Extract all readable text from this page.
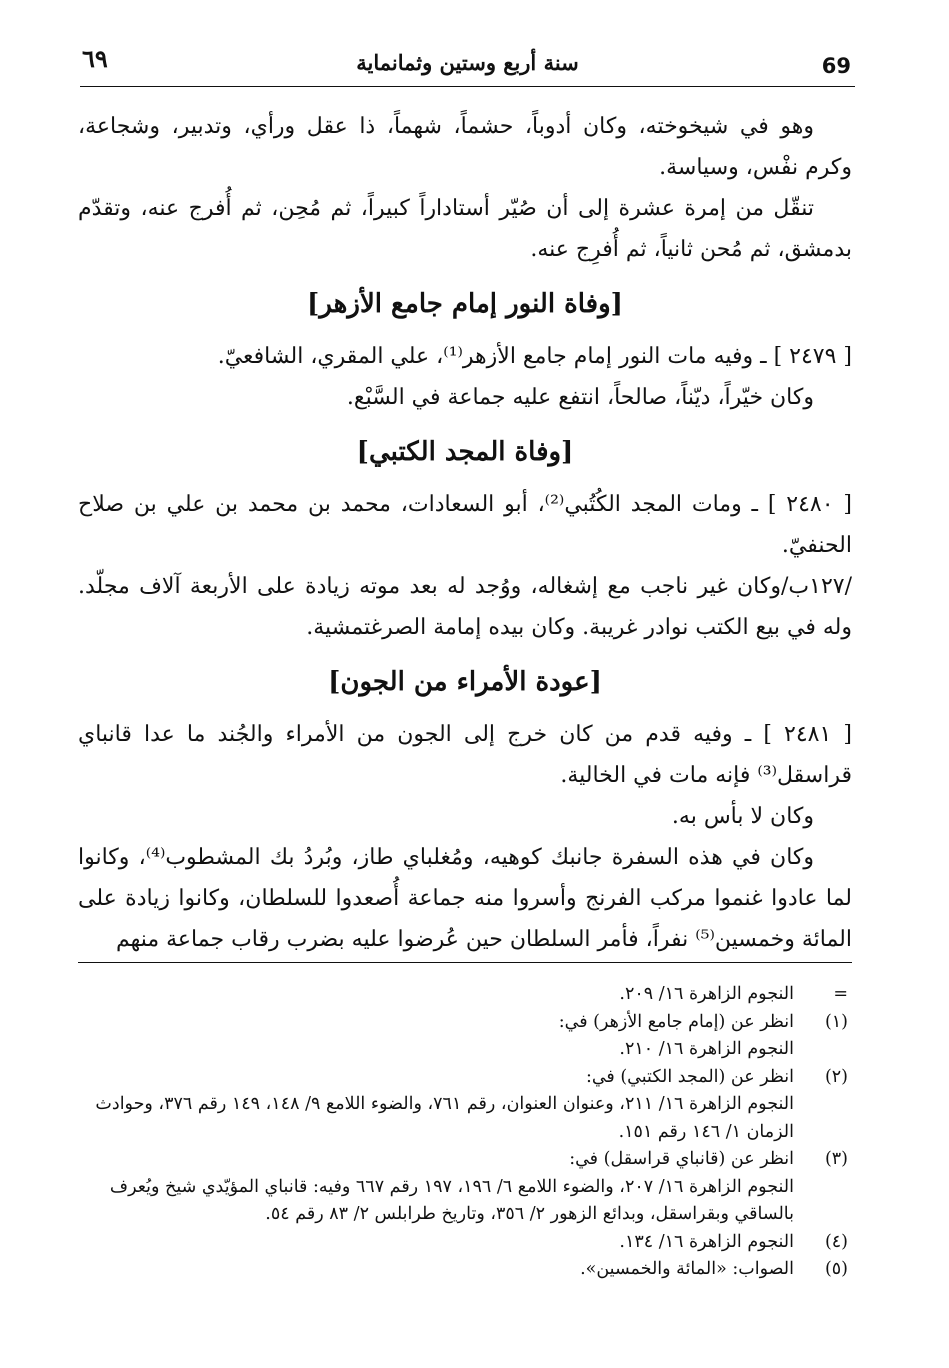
٦٩	سنة أربع وستين وثمانماية	69

وهو في شيخوخته، وكان أدوباً، حشماً، شهماً، ذا عقل ورأي، وتدبير، وشجاعة، وكرم نفْس، وسياسة.

تنقّل من إمرة عشرة إلى أن صُيّر أستاداراً كبيراً، ثم مُحِن، ثم أُفرج عنه، وتقدّم بدمشق، ثم مُحن ثانياً، ثم أُفرِج عنه.

[وفاة النور إمام جامع الأزهر]

[ ٢٤٧٩ ] ـ وفيه مات النور إمام جامع الأزهر⁽¹⁾، علي المقري، الشافعيّ.

وكان خيّراً، ديّناً، صالحاً، انتفع عليه جماعة في السَّبْع.

[وفاة المجد الكتبي]

[ ٢٤٨٠ ] ـ ومات المجد الكُتُبي⁽²⁾، أبو السعادات، محمد بن محمد بن علي بن صلاح الحنفيّ.

/١٢٧ب/وكان غير ناجب مع إشغاله، ووُجد له بعد موته زيادة على الأربعة آلاف مجلّد. وله في بيع الكتب نوادر غريبة. وكان بيده إمامة الصرغتمشية.

[عودة الأمراء من الجون]

[ ٢٤٨١ ] ـ وفيه قدم من كان خرج إلى الجون من الأمراء والجُند ما عدا قانباي قراسقل⁽³⁾ فإنه مات في الخالية.

وكان لا بأس به.

وكان في هذه السفرة جانبك كوهيه، ومُغلباي طاز، وبُردُ بك المشطوب⁽⁴⁾، وكانوا لما عادوا غنموا مركب الفرنج وأسروا منه جماعة أُصعدوا للسلطان، وكانوا زيادة على المائة وخمسين⁽⁵⁾ نفراً، فأمر السلطان حين عُرضوا عليه بضرب رقاب جماعة منهم

=
النجوم الزاهرة ١٦/ ٢٠٩.
(١)
انظر عن (إمام جامع الأزهر) في:
النجوم الزاهرة ١٦/ ٢١٠.
(٢)
انظر عن (المجد الكتبي) في:
النجوم الزاهرة ١٦/ ٢١١، وعنوان العنوان، رقم ٧٦١، والضوء اللامع ٩/ ١٤٨، ١٤٩ رقم ٣٧٦، وحوادث الزمان ١/ ١٤٦ رقم ١٥١.
(٣)
انظر عن (قانباي قراسقل) في:
النجوم الزاهرة ١٦/ ٢٠٧، والضوء اللامع ٦/ ١٩٦، ١٩٧ رقم ٦٦٧ وفيه: قانباي المؤيّدي شيخ ويُعرف بالساقي وبقراسقل، وبدائع الزهور ٢/ ٣٥٦، وتاريخ طرابلس ٢/ ٨٣ رقم ٥٤.
(٤)
النجوم الزاهرة ١٦/ ١٣٤.
(٥)
الصواب: «المائة والخمسين».
